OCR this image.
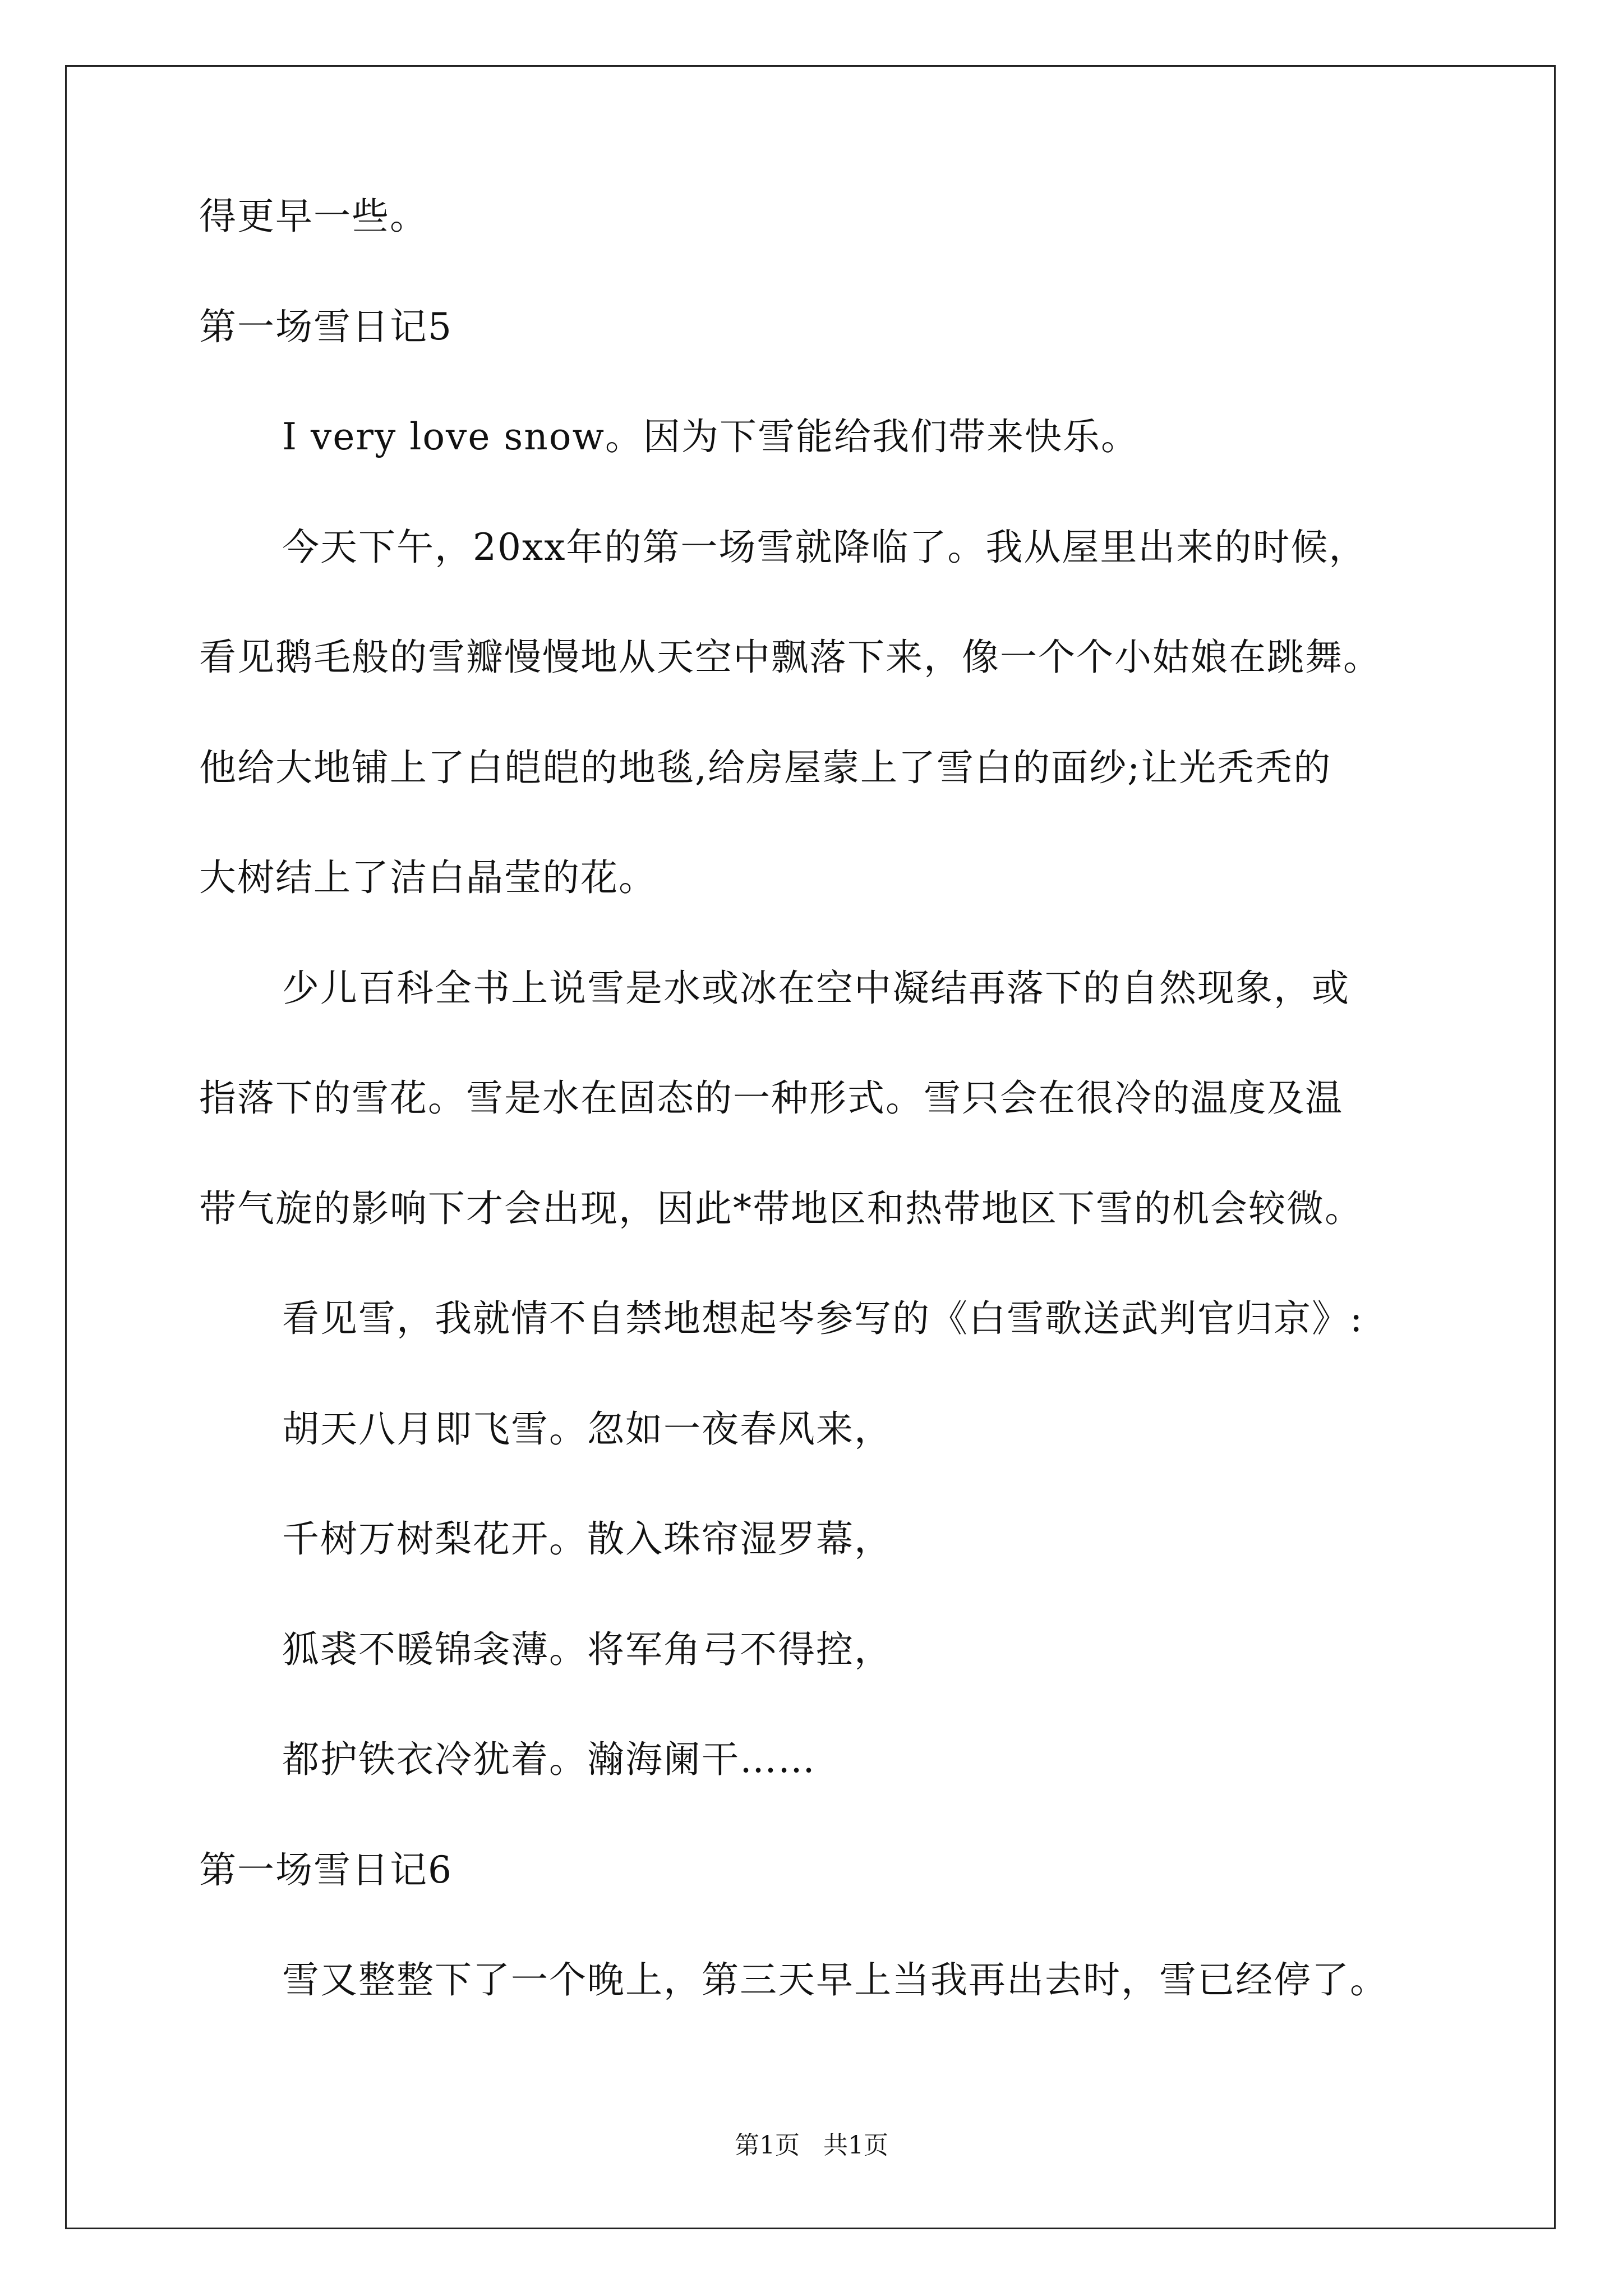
得更早一些。
第一场雪日记5
I very love snow。因为下雪能给我们带来快乐。
今天下午，20xx年的第一场雪就降临了。我从屋里出来的时候，
看见鹅毛般的雪瓣慢慢地从天空中飘落下来，像一个个小姑娘在跳舞。
他给大地铺上了白皑皑的地毯,给房屋蒙上了雪白的面纱;让光秃秃的
大树结上了洁白晶莹的花。
少儿百科全书上说雪是水或冰在空中凝结再落下的自然现象，或
指落下的雪花。雪是水在固态的一种形式。雪只会在很冷的温度及温
带气旋的影响下才会出现，因此*带地区和热带地区下雪的机会较微。
看见雪，我就情不自禁地想起岑参写的《白雪歌送武判官归京》:
胡天八月即飞雪。忽如一夜春风来，
千树万树梨花开。散入珠帘湿罗幕，
狐裘不暖锦衾薄。将军角弓不得控，
都护铁衣冷犹着。瀚海阑干……
第一场雪日记6
雪又整整下了一个晚上，第三天早上当我再出去时，雪已经停了。
第1页   共1页
